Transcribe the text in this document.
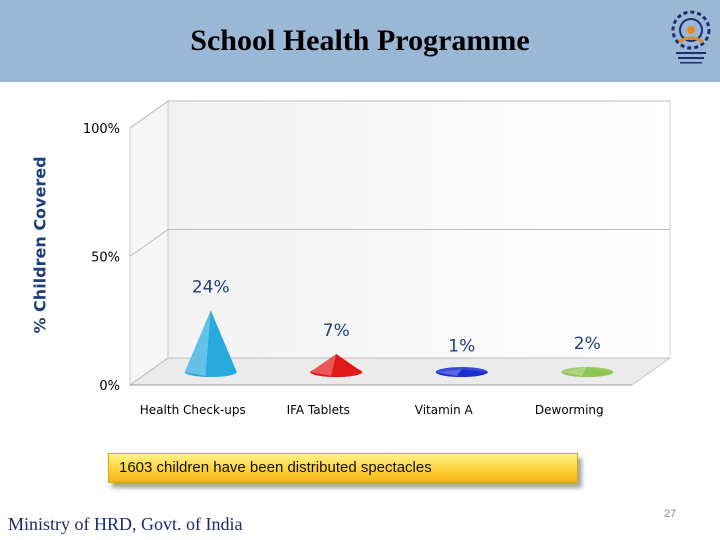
School Health Programme
% Children Covered
0%
50%
100%
24%
Health Check-ups
7%
IFA Tablets
1%
Vitamin A
2%
Deworming
1603 children have been distributed spectacles
Ministry of HRD, Govt. of India	27
